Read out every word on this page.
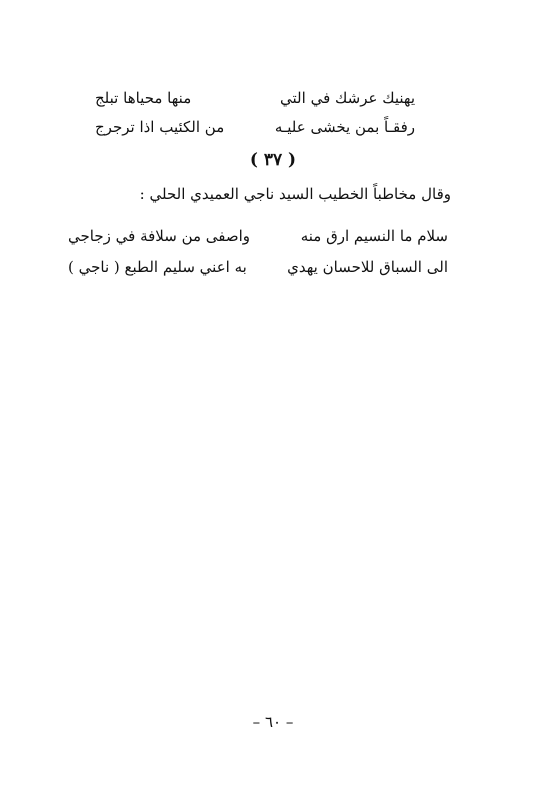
يهنيك عرشك في التي
منها محياها تبلج
رفقـاً بمن يخشى عليـه
من الكئيب اذا ترجرج
( ٣٧ )
وقال مخاطباً الخطيب السيد ناجي العميدي الحلي :
سلام ما النسيم ارق منه
واصفى من سلافة في زجاجي
الى السباق للاحسان يهدي
به اعني سليم الطبع ( ناجي )
– ٦٠ –
